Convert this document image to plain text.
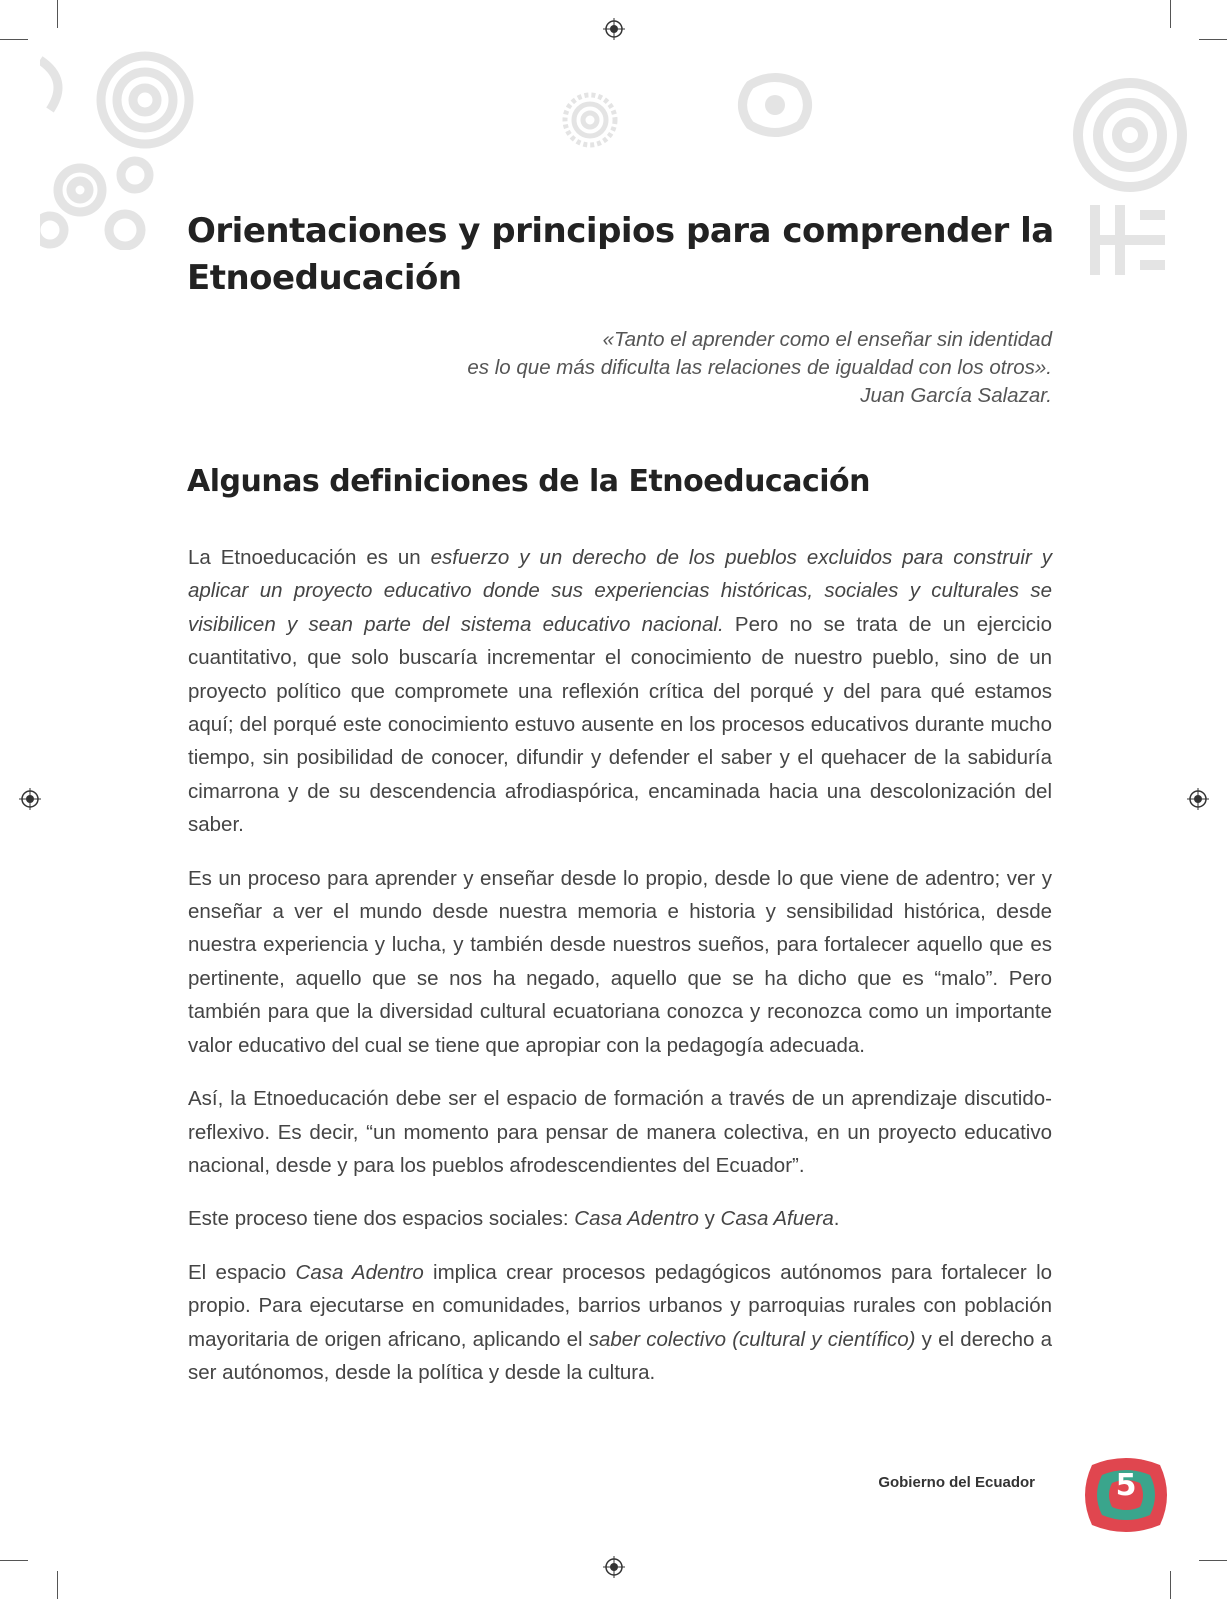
Orientaciones y principios para comprender la Etnoeducación
«Tanto el aprender como el enseñar sin identidad
es lo que más dificulta las relaciones de igualdad con los otros».
Juan García Salazar.
Algunas definiciones de la Etnoeducación

La Etnoeducación es un esfuerzo y un derecho de los pueblos excluidos para construir y aplicar un proyecto educativo donde sus experiencias históricas, sociales y culturales se visibilicen y sean parte del sistema educativo nacional. Pero no se trata de un ejercicio cuantitativo, que solo buscaría incrementar el conocimiento de nuestro pueblo, sino de un proyecto político que compromete una reflexión crítica del porqué y del para qué estamos aquí; del porqué este conocimiento estuvo ausente en los procesos educativos durante mucho tiempo, sin posibilidad de conocer, difundir y defender el saber y el quehacer de la sabiduría cimarrona y de su descendencia afrodiaspórica, encaminada hacia una descolonización del saber.

Es un proceso para aprender y enseñar desde lo propio, desde lo que viene de adentro; ver y enseñar a ver el mundo desde nuestra memoria e historia y sensibilidad histórica, desde nuestra experiencia y lucha, y también desde nuestros sueños, para fortalecer aquello que es pertinente, aquello que se nos ha negado, aquello que se ha dicho que es “malo”. Pero también para que la diversidad cultural ecuatoriana conozca y reconozca como un importante valor educativo del cual se tiene que apropiar con la pedagogía adecuada.

Así, la Etnoeducación debe ser el espacio de formación a través de un aprendizaje discutido-reflexivo. Es decir, “un momento para pensar de manera colectiva, en un proyecto educativo nacional, desde y para los pueblos afrodescendientes del Ecuador”.

Este proceso tiene dos espacios sociales: Casa Adentro y Casa Afuera.

El espacio Casa Adentro implica crear procesos pedagógicos autónomos para fortalecer lo propio. Para ejecutarse en comunidades, barrios urbanos y parroquias rurales con población mayoritaria de origen africano, aplicando el saber colectivo (cultural y científico) y el derecho a ser autónomos, desde la política y desde la cultura.

Gobierno del Ecuador	5
